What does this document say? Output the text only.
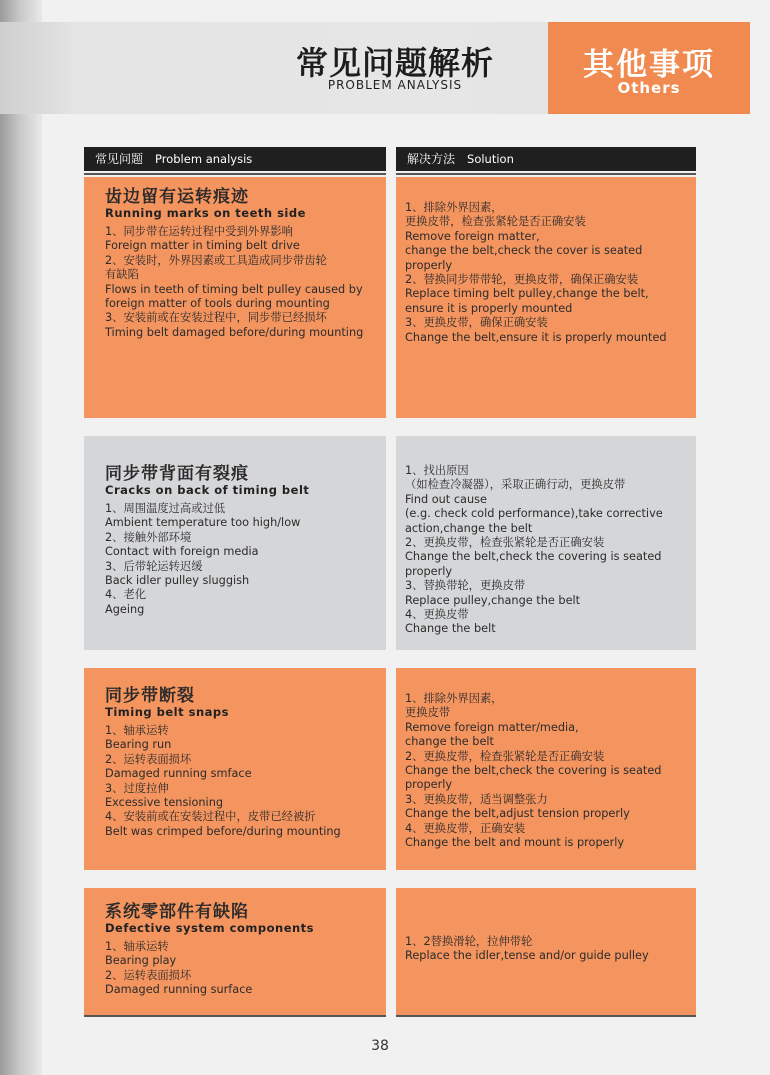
常见问题解析
PROBLEM ANALYSIS
其他事项
Others
常见问题 Problem analysis	解决方法 Solution
齿边留有运转痕迹
Running marks on teeth side

1、同步带在运转过程中受到外界影响

Foreign matter in timing belt drive

2、安装时，外界因素或工具造成同步带齿轮

有缺陷

Flows in teeth of timing belt pulley caused by

foreign matter of tools during mounting

3、安装前或在安装过程中，同步带已经损坏

Timing belt damaged before/during mounting

1、排除外界因素，

更换皮带，检查张紧轮是否正确安装

Remove foreign matter,

change the belt,check the cover is seated properly

2、替换同步带带轮，更换皮带，确保正确安装

Replace timing belt pulley,change the belt,

ensure it is properly mounted

3、更换皮带，确保正确安装

Change the belt,ensure it is properly mounted

同步带背面有裂痕
Cracks on back of timing belt

1、周围温度过高或过低

Ambient temperature too high/low

2、接触外部环境

Contact with foreign media

3、后带轮运转迟缓

Back idler pulley sluggish

4、老化

Ageing

1、找出原因

（如检查冷凝器），采取正确行动，更换皮带

Find out cause

(e.g. check cold performance),take corrective

action,change the belt

2、更换皮带，检查张紧轮是否正确安装

Change the belt,check the covering is seated

properly

3、替换带轮，更换皮带

Replace pulley,change the belt

4、更换皮带

Change the belt

同步带断裂
Timing belt snaps

1、轴承运转

Bearing run

2、运转表面损坏

Damaged running smface

3、过度拉伸

Excessive tensioning

4、安装前或在安装过程中，皮带已经被折

Belt was crimped before/during mounting

1、排除外界因素，

更换皮带

Remove foreign matter/media,

change the belt

2、更换皮带，检查张紧轮是否正确安装

Change the belt,check the covering is seated

properly

3、更换皮带，适当调整张力

Change the belt,adjust tension properly

4、更换皮带，正确安装

Change the belt and mount is properly

系统零部件有缺陷
Defective system components

1、轴承运转

Bearing play

2、运转表面损坏

Damaged running surface

1、2替换滑轮，拉伸带轮

Replace the idler,tense and/or guide pulley

38
